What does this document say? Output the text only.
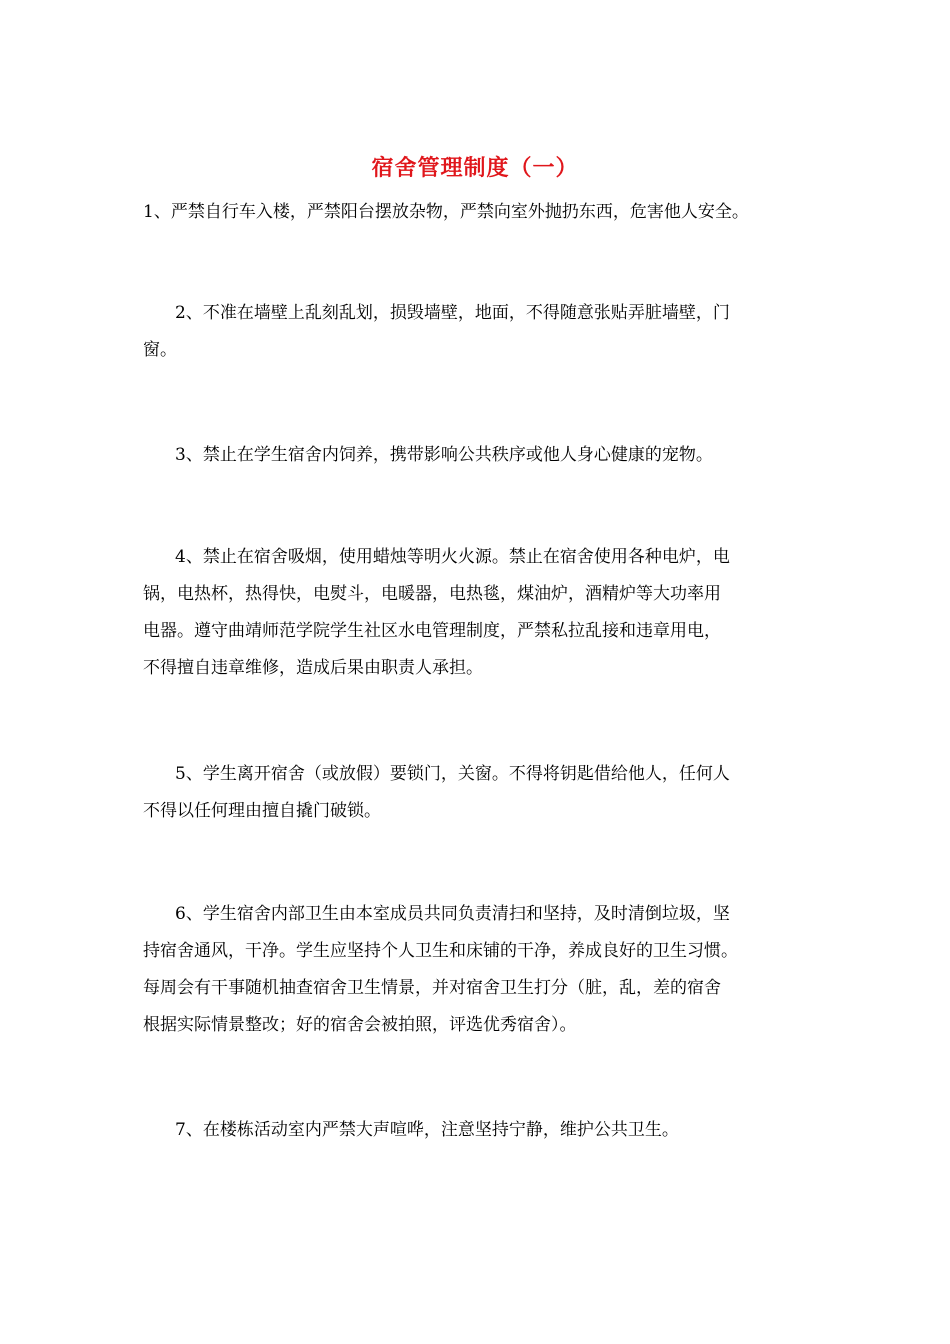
宿舍管理制度（一）
1、严禁自行车入楼，严禁阳台摆放杂物，严禁向室外抛扔东西，危害他人安全。
2、不准在墙壁上乱刻乱划，损毁墙壁，地面，不得随意张贴弄脏墙壁，门
窗。
3、禁止在学生宿舍内饲养，携带影响公共秩序或他人身心健康的宠物。
4、禁止在宿舍吸烟，使用蜡烛等明火火源。禁止在宿舍使用各种电炉，电
锅，电热杯，热得快，电熨斗，电暖器，电热毯，煤油炉，酒精炉等大功率用
电器。遵守曲靖师范学院学生社区水电管理制度，严禁私拉乱接和违章用电，
不得擅自违章维修，造成后果由职责人承担。
5、学生离开宿舍（或放假）要锁门，关窗。不得将钥匙借给他人，任何人
不得以任何理由擅自撬门破锁。
6、学生宿舍内部卫生由本室成员共同负责清扫和坚持，及时清倒垃圾，坚
持宿舍通风，干净。学生应坚持个人卫生和床铺的干净，养成良好的卫生习惯。
每周会有干事随机抽查宿舍卫生情景，并对宿舍卫生打分（脏，乱，差的宿舍
根据实际情景整改；好的宿舍会被拍照，评选优秀宿舍）。
7、在楼栋活动室内严禁大声喧哗，注意坚持宁静，维护公共卫生。
